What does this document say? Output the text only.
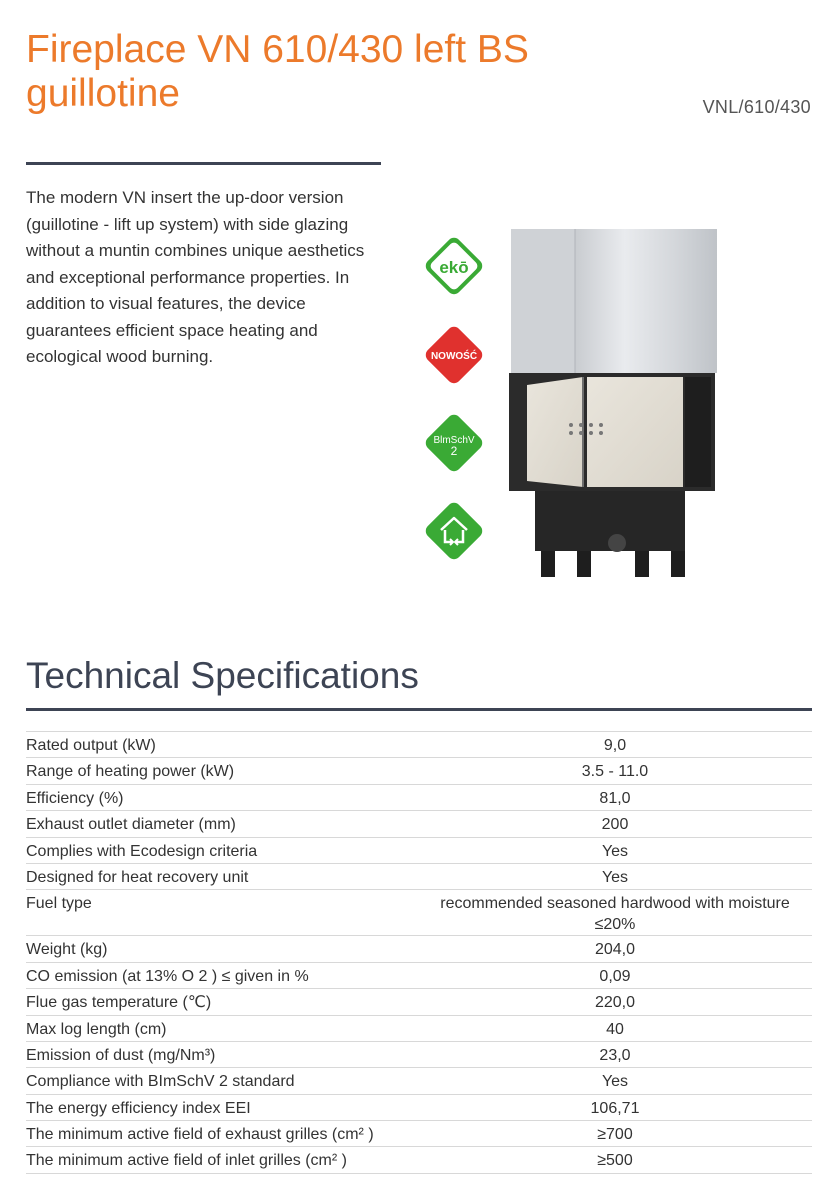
Fireplace VN 610/430 left BS guillotine	VNL/610/430

The modern VN insert the up-door version (guillotine - lift up system) with side glazing without a muntin combines unique aesthetics and exceptional performance properties. In addition to visual features, the device guarantees efficient space heating and ecological wood burning.

ekō
NOWOŚĆ
BlmSchV
2
Technical Specifications
Rated output (kW)	9,0
Range of heating power (kW)	3.5 - 11.0
Efficiency (%)	81,0
Exhaust outlet diameter (mm)	200
Complies with Ecodesign criteria	Yes
Designed for heat recovery unit	Yes
Fuel type	recommended seasoned hardwood with moisture ≤20%
Weight (kg)	204,0
CO emission (at 13% O 2 ) ≤ given in %	0,09
Flue gas temperature (℃)	220,0
Max log length (cm)	40
Emission of dust (mg/Nm³)	23,0
Compliance with BImSchV 2 standard	Yes
The energy efficiency index EEI	106,71
The minimum active field of exhaust grilles (cm² )	≥700
The minimum active field of inlet grilles (cm² )	≥500
